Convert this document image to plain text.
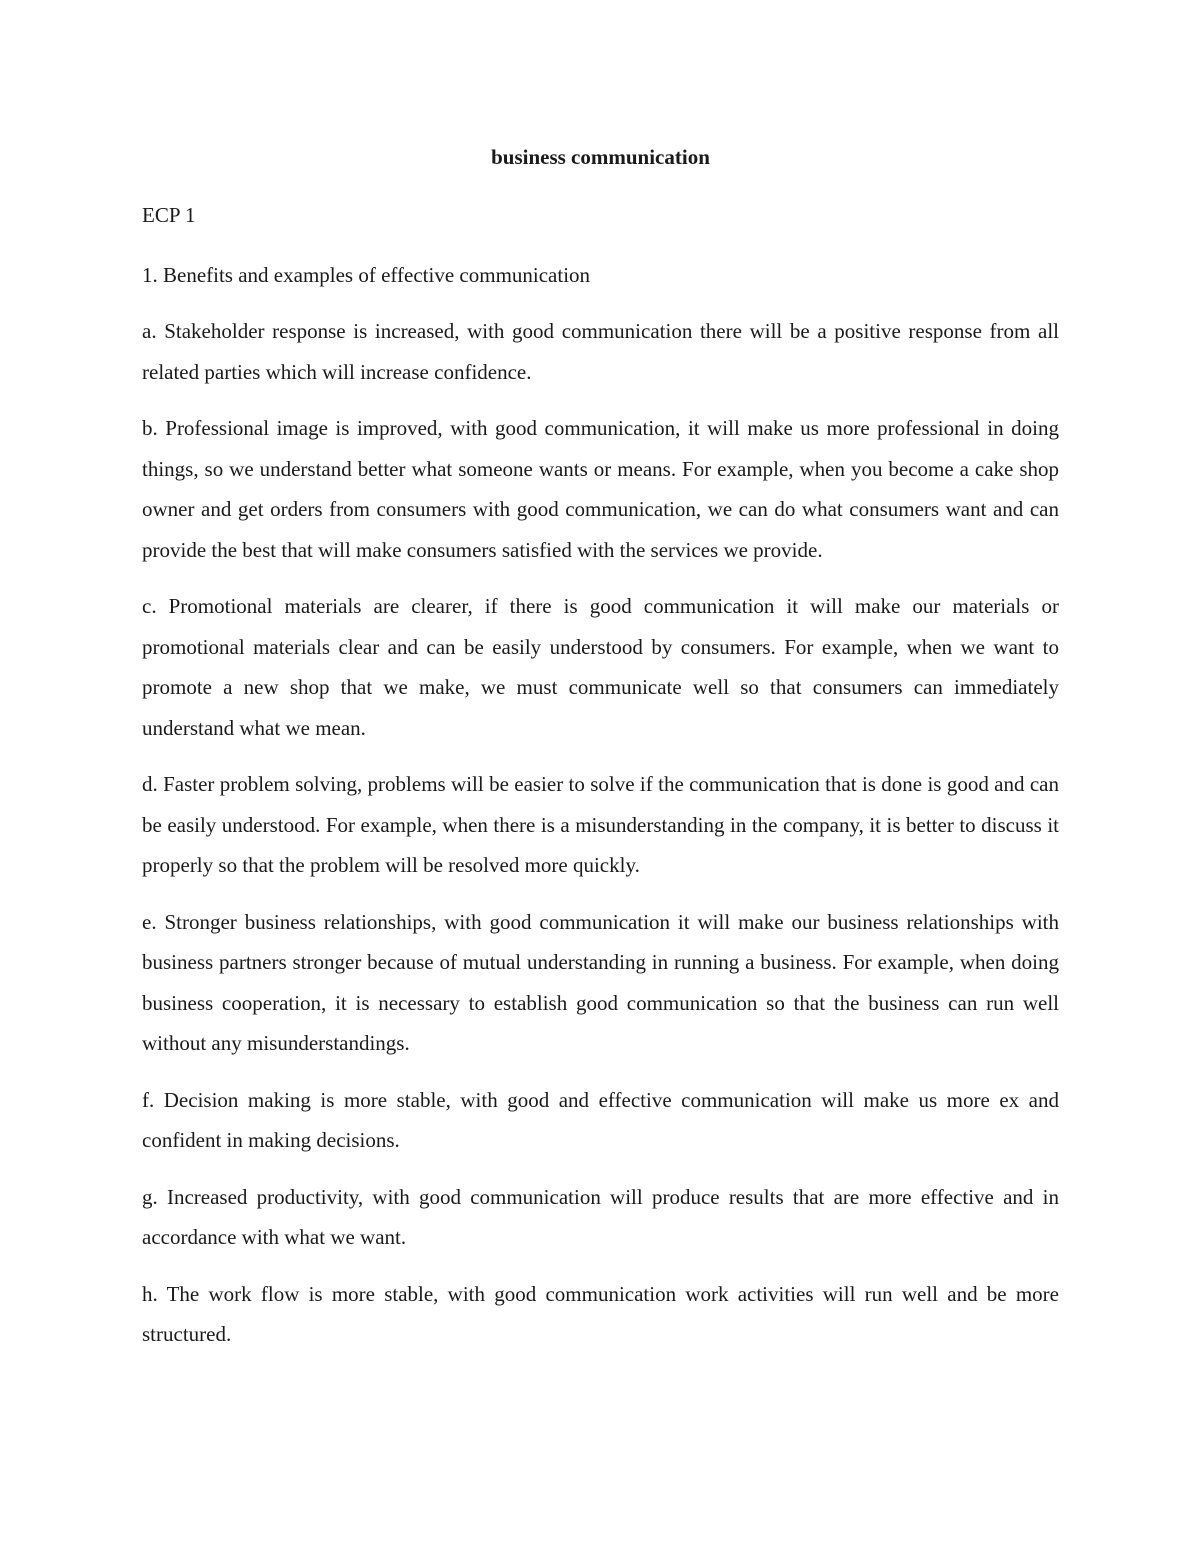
business communication

ECP 1

1. Benefits and examples of effective communication

a. Stakeholder response is increased, with good communication there will be a positive response from all related parties which will increase confidence.

b. Professional image is improved, with good communication, it will make us more professional in doing things, so we understand better what someone wants or means. For example, when you become a cake shop owner and get orders from consumers with good communication, we can do what consumers want and can provide the best that will make consumers satisfied with the services we provide.

c. Promotional materials are clearer, if there is good communication it will make our materials or promotional materials clear and can be easily understood by consumers. For example, when we want to promote a new shop that we make, we must communicate well so that consumers can immediately understand what we mean.

d. Faster problem solving, problems will be easier to solve if the communication that is done is good and can be easily understood. For example, when there is a misunderstanding in the company, it is better to discuss it properly so that the problem will be resolved more quickly.

e. Stronger business relationships, with good communication it will make our business relationships with business partners stronger because of mutual understanding in running a business. For example, when doing business cooperation, it is necessary to establish good communication so that the business can run well without any misunderstandings.

f. Decision making is more stable, with good and effective communication will make us more ex and confident in making decisions.

g. Increased productivity, with good communication will produce results that are more effective and in accordance with what we want.

h. The work flow is more stable, with good communication work activities will run well and be more structured.
